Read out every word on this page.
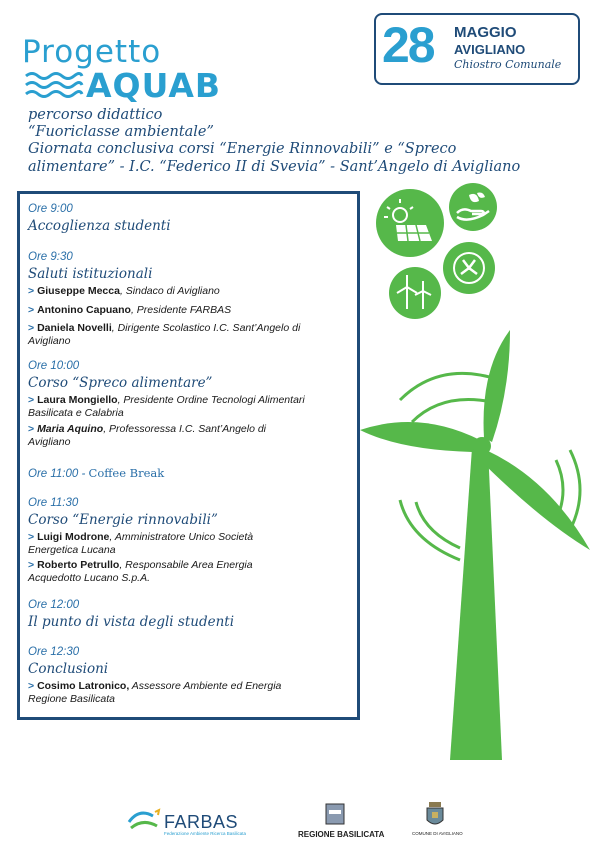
Progetto
AQUAB
28 MAGGIO
AVIGLIANO
Chiostro Comunale
percorso didattico
“Fuoriclasse ambientale”
Giornata conclusiva corsi “Energie Rinnovabili” e “Spreco
alimentare” - I.C. “Federico II di Svevia” - Sant’Angelo di Avigliano
Ore 9:00
Accoglienza studenti
Ore 9:30
Saluti istituzionali
> Giuseppe Mecca, Sindaco di Avigliano
> Antonino Capuano, Presidente FARBAS
> Daniela Novelli, Dirigente Scolastico I.C. Sant’Angelo di
Avigliano
Ore 10:00
Corso “Spreco alimentare”
> Laura Mongiello, Presidente Ordine Tecnologi Alimentari
Basilicata e Calabria
> Maria Aquino, Professoressa I.C. Sant’Angelo di
Avigliano
Ore 11:00 - Coffee Break
Ore 11:30
Corso “Energie rinnovabili”
> Luigi Modrone, Amministratore Unico Società
Energetica Lucana
> Roberto Petrullo, Responsabile Area Energia
Acquedotto Lucano S.p.A.
Ore 12:00
Il punto di vista degli studenti
Ore 12:30
Conclusioni
> Cosimo Latronico, Assessore Ambiente ed Energia
Regione Basilicata
FARBAS
Federazione Ambiente Ricerca Basilicata	REGIONE BASILICATA	COMUNE DI AVIGLIANO
